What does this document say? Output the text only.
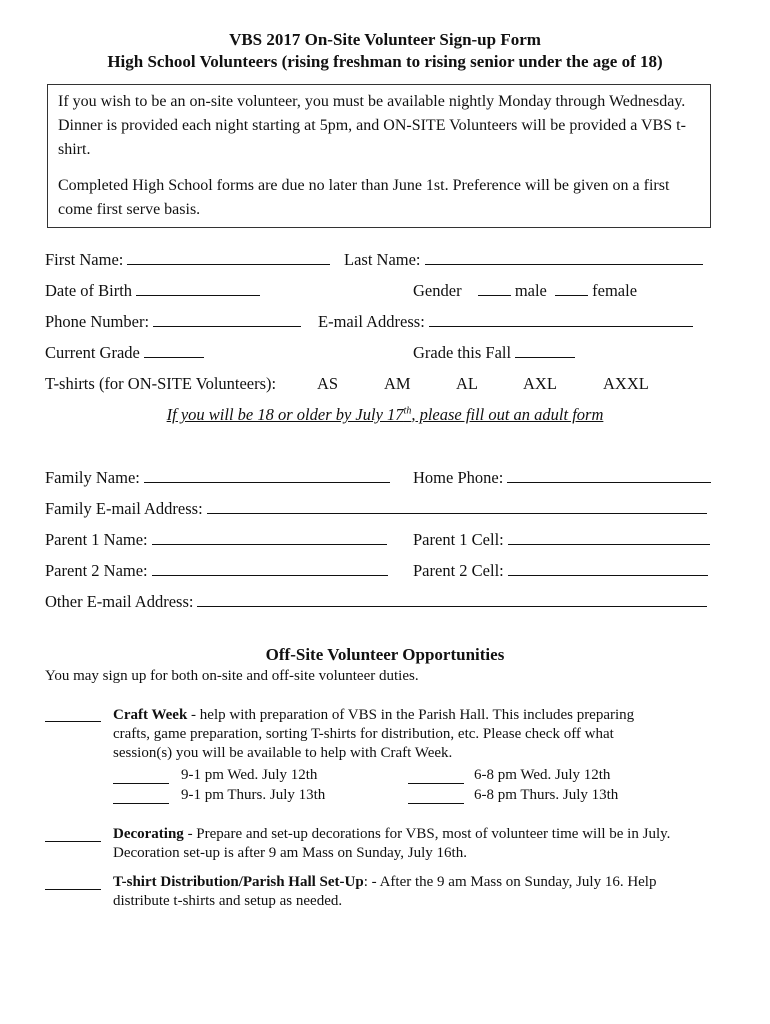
VBS 2017 On-Site Volunteer Sign-up Form
High School Volunteers (rising freshman to rising senior under the age of 18)
If you wish to be an on-site volunteer, you must be available nightly Monday through Wednesday. Dinner is provided each night starting at 5pm, and ON-SITE Volunteers will be provided a VBS t-shirt.
Completed High School forms are due no later than June 1st. Preference will be given on a first come first serve basis.
First Name:	Last Name:
Date of Birth	Gender	male	female
Phone Number:	E-mail Address:
Current Grade	Grade this Fall
T-shirts (for ON-SITE Volunteers): AS	AM	AL	AXL	AXXL
If you will be 18 or older by July 17th, please fill out an adult form
Family Name:	Home Phone:
Family E-mail Address:
Parent 1 Name:	Parent 1 Cell:
Parent 2 Name:	Parent 2 Cell:
Other E-mail Address:
Off-Site Volunteer Opportunities
You may sign up for both on-site and off-site volunteer duties.
Craft Week - help with preparation of VBS in the Parish Hall. This includes preparing
crafts, game preparation, sorting T-shirts for distribution, etc. Please check off what
session(s) you will be available to help with Craft Week.
9-1 pm Wed. July 12th	6-8 pm Wed. July 12th
9-1 pm Thurs. July 13th	6-8 pm Thurs. July 13th
Decorating - Prepare and set-up decorations for VBS, most of volunteer time will be in July.
Decoration set-up is after 9 am Mass on Sunday, July 16th.
T-shirt Distribution/Parish Hall Set-Up: - After the 9 am Mass on Sunday, July 16. Help
distribute t-shirts and setup as needed.
